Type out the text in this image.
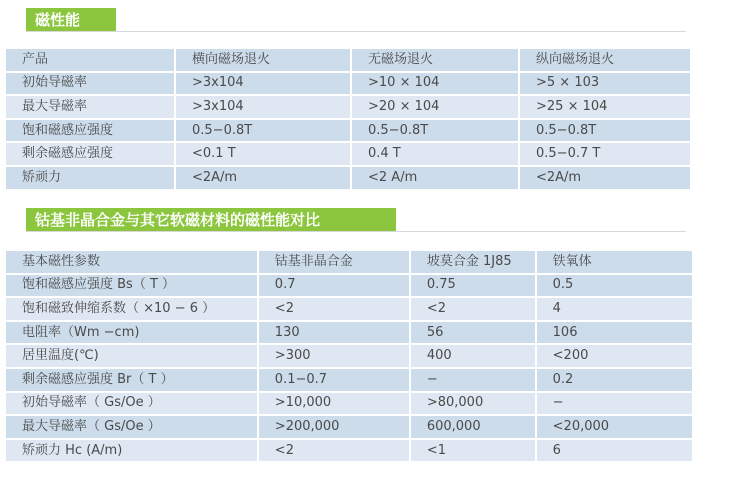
磁性能
产品	横向磁场退火	无磁场退火	纵向磁场退火
初始导磁率	>3x104	>10 × 104	>5 × 103
最大导磁率	>3x104	>20 × 104	>25 × 104
饱和磁感应强度	0.5−0.8T	0.5−0.8T	0.5−0.8T
剩余磁感应强度	<0.1 T	0.4 T	0.5−0.7 T
矫顽力	<2A/m	<2 A/m	<2A/m
钴基非晶合金与其它软磁材料的磁性能对比
基本磁性参数	钴基非晶合金	坡莫合金 1J85	铁氧体
饱和磁感应强度 Bs（ T ）	0.7	0.75	0.5
饱和磁致伸缩系数（ ×10 − 6 ）	<2	<2	4
电阻率（Wm −cm)	130	56	106
居里温度(℃)	>300	400	<200
剩余磁感应强度 Br（ T ）	0.1−0.7	−	0.2
初始导磁率（ Gs/Oe ）	>10,000	>80,000	−
最大导磁率（ Gs/Oe ）	>200,000	600,000	<20,000
矫顽力 Hc (A/m)	<2	<1	6
